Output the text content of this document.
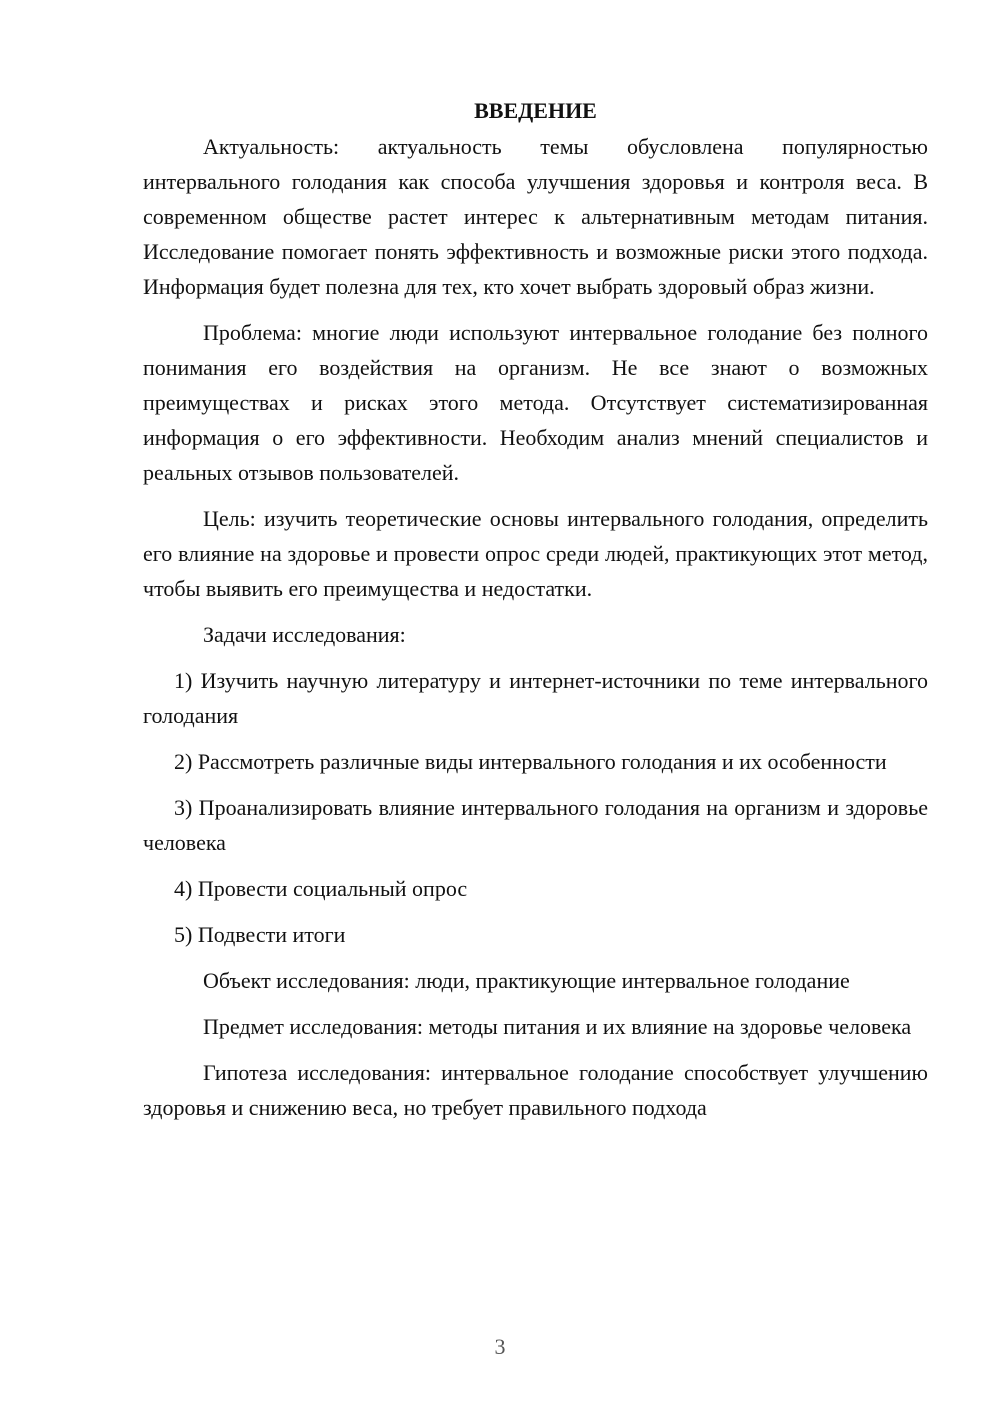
ВВЕДЕНИЕ

Актуальность: актуальность темы обусловлена популярностью интервального голодания как способа улучшения здоровья и контроля веса. В современном обществе растет интерес к альтернативным методам питания. Исследование помогает понять эффективность и возможные риски этого подхода. Информация будет полезна для тех, кто хочет выбрать здоровый образ жизни.

Проблема: многие люди используют интервальное голодание без полного понимания его воздействия на организм. Не все знают о возможных преимуществах и рисках этого метода. Отсутствует систематизированная информация о его эффективности. Необходим анализ мнений специалистов и реальных отзывов пользователей.

Цель: изучить теоретические основы интервального голодания, определить его влияние на здоровье и провести опрос среди людей, практикующих этот метод, чтобы выявить его преимущества и недостатки.

Задачи исследования:

1) Изучить научную литературу и интернет-источники по теме интервального голодания

2) Рассмотреть различные виды интервального голодания и их особенности

3) Проанализировать влияние интервального голодания на организм и здоровье человека

4) Провести социальный опрос

5) Подвести итоги

Объект исследования: люди, практикующие интервальное голодание

Предмет исследования: методы питания и их влияние на здоровье человека

Гипотеза исследования: интервальное голодание способствует улучшению здоровья и снижению веса, но требует правильного подхода

3
